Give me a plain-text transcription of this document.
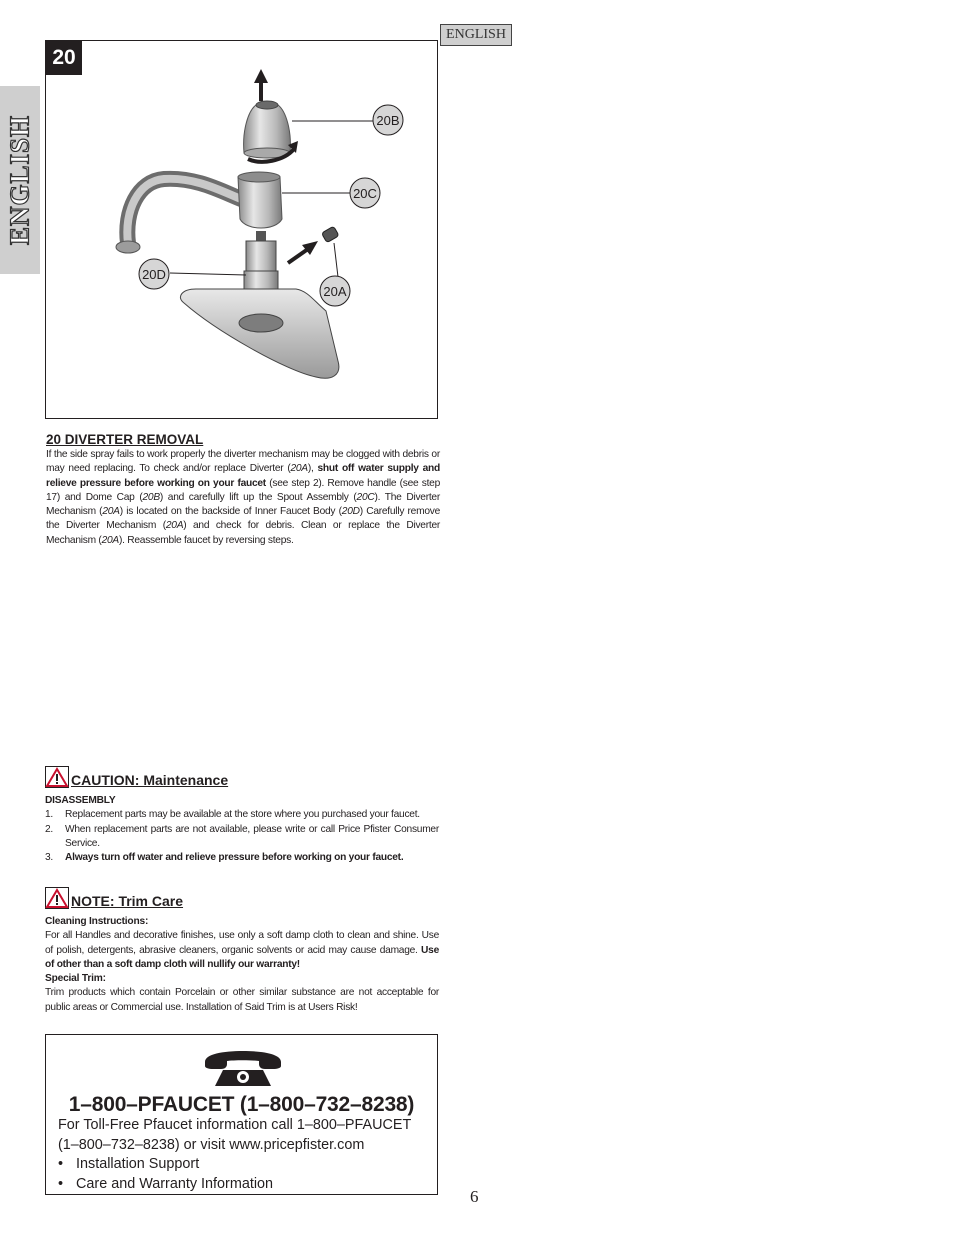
ENGLISH
ENGLISH
20
20B
20C
20A
20D
20 DIVERTER REMOVAL
If the side spray fails to work properly the diverter mechanism may be clogged with debris or may need replacing. To check and/or replace Diverter (20A), shut off water supply and relieve pressure before working on your faucet (see step 2). Remove handle (see step 17) and Dome Cap (20B) and carefully lift up the Spout Assembly (20C). The Diverter Mechanism (20A) is located on the backside of Inner Faucet Body (20D) Carefully remove the Diverter Mechanism (20A) and check for debris. Clean or replace the Diverter Mechanism (20A). Reassemble faucet by reversing steps.
CAUTION: Maintenance
DISASSEMBLY
1. Replacement parts may be available at the store where you purchased your faucet.
2. When replacement parts are not available, please write or call Price Pfister Consumer Service.
3. Always turn off water and relieve pressure before working on your faucet.
NOTE: Trim Care
Cleaning Instructions:
For all Handles and decorative finishes, use only a soft damp cloth to clean and shine. Use of polish, detergents, abrasive cleaners, organic solvents or acid may cause damage. Use of other than a soft damp cloth will nullify our warranty!
Special Trim:
Trim products which contain Porcelain or other similar substance are not acceptable for public areas or Commercial use. Installation of Said Trim is at Users Risk!
1–800–PFAUCET (1–800–732–8238)
For Toll-Free Pfaucet information call 1–800–PFAUCET
(1–800–732–8238) or visit www.pricepfister.com
• Installation Support
• Care and Warranty Information
6
